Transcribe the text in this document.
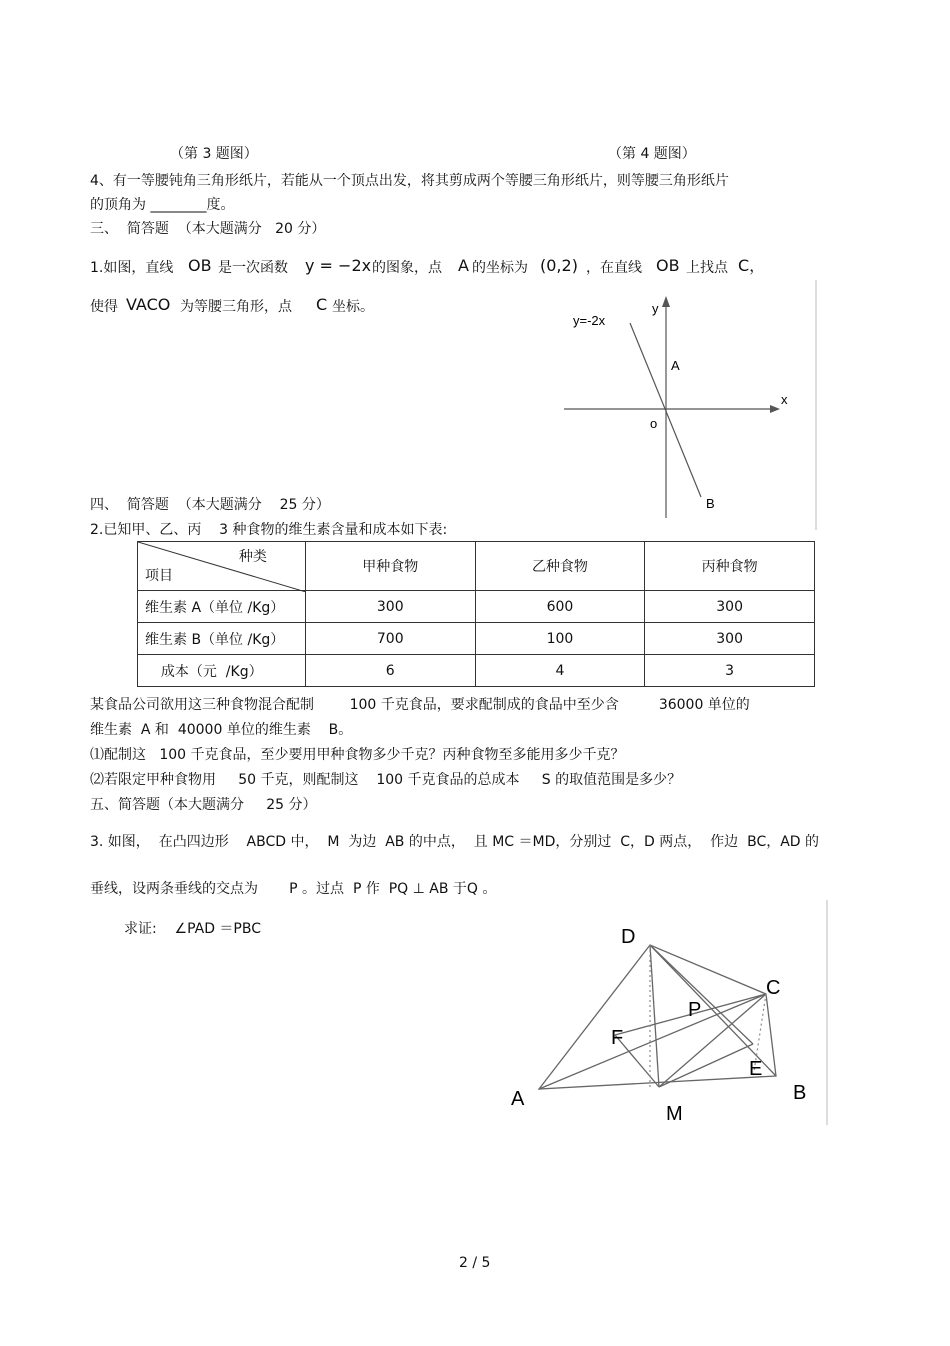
（第 3 题图）	（第 4 题图）
4、有一等腰钝角三角形纸片，若能从一个顶点出发，将其剪成两个等腰三角形纸片，则等腰三角形纸片
的顶角为 ________度。
三、  简答题  （本大题满分   20 分）
1.如图，直线 OB 是一次函数 y = −2x 的图象，点 A 的坐标为 (0,2) ，在直线 OB 上找点 C，
使得 VACO 为等腰三角形，点 C 坐标。
y=-2x
y
x
A
o
B
四、  简答题  （本大题满分    25 分）
2.已知甲、乙、丙    3 种食物的维生素含量和成本如下表:
种类
项目	甲种食物	乙种食物	丙种食物
维生素 A（单位 /Kg）	300	600	300
维生素 B（单位 /Kg）	700	100	300
成本（元  /Kg）	6	4	3
某食品公司欲用这三种食物混合配制        100 千克食品，要求配制成的食品中至少含         36000 单位的
维生素  A 和  40000 单位的维生素    B。
⑴配制这   100 千克食品，至少要用甲种食物多少千克？丙种食物至多能用多少千克？
⑵若限定甲种食物用     50 千克，则配制这    100 千克食品的总成本     S 的取值范围是多少？
五、简答题（本大题满分     25 分）
3. 如图，  在凸四边形    ABCD 中，  M  为边  AB 的中点，  且 MC ＝MD，分别过  C，D 两点，  作边  BC，AD 的
垂线，设两条垂线的交点为       P 。过点  P 作  PQ ⊥ AB 于Q 。
求证:    ∠PAD ＝PBC	D
C
P
F
E
A	B
M
2 / 5
